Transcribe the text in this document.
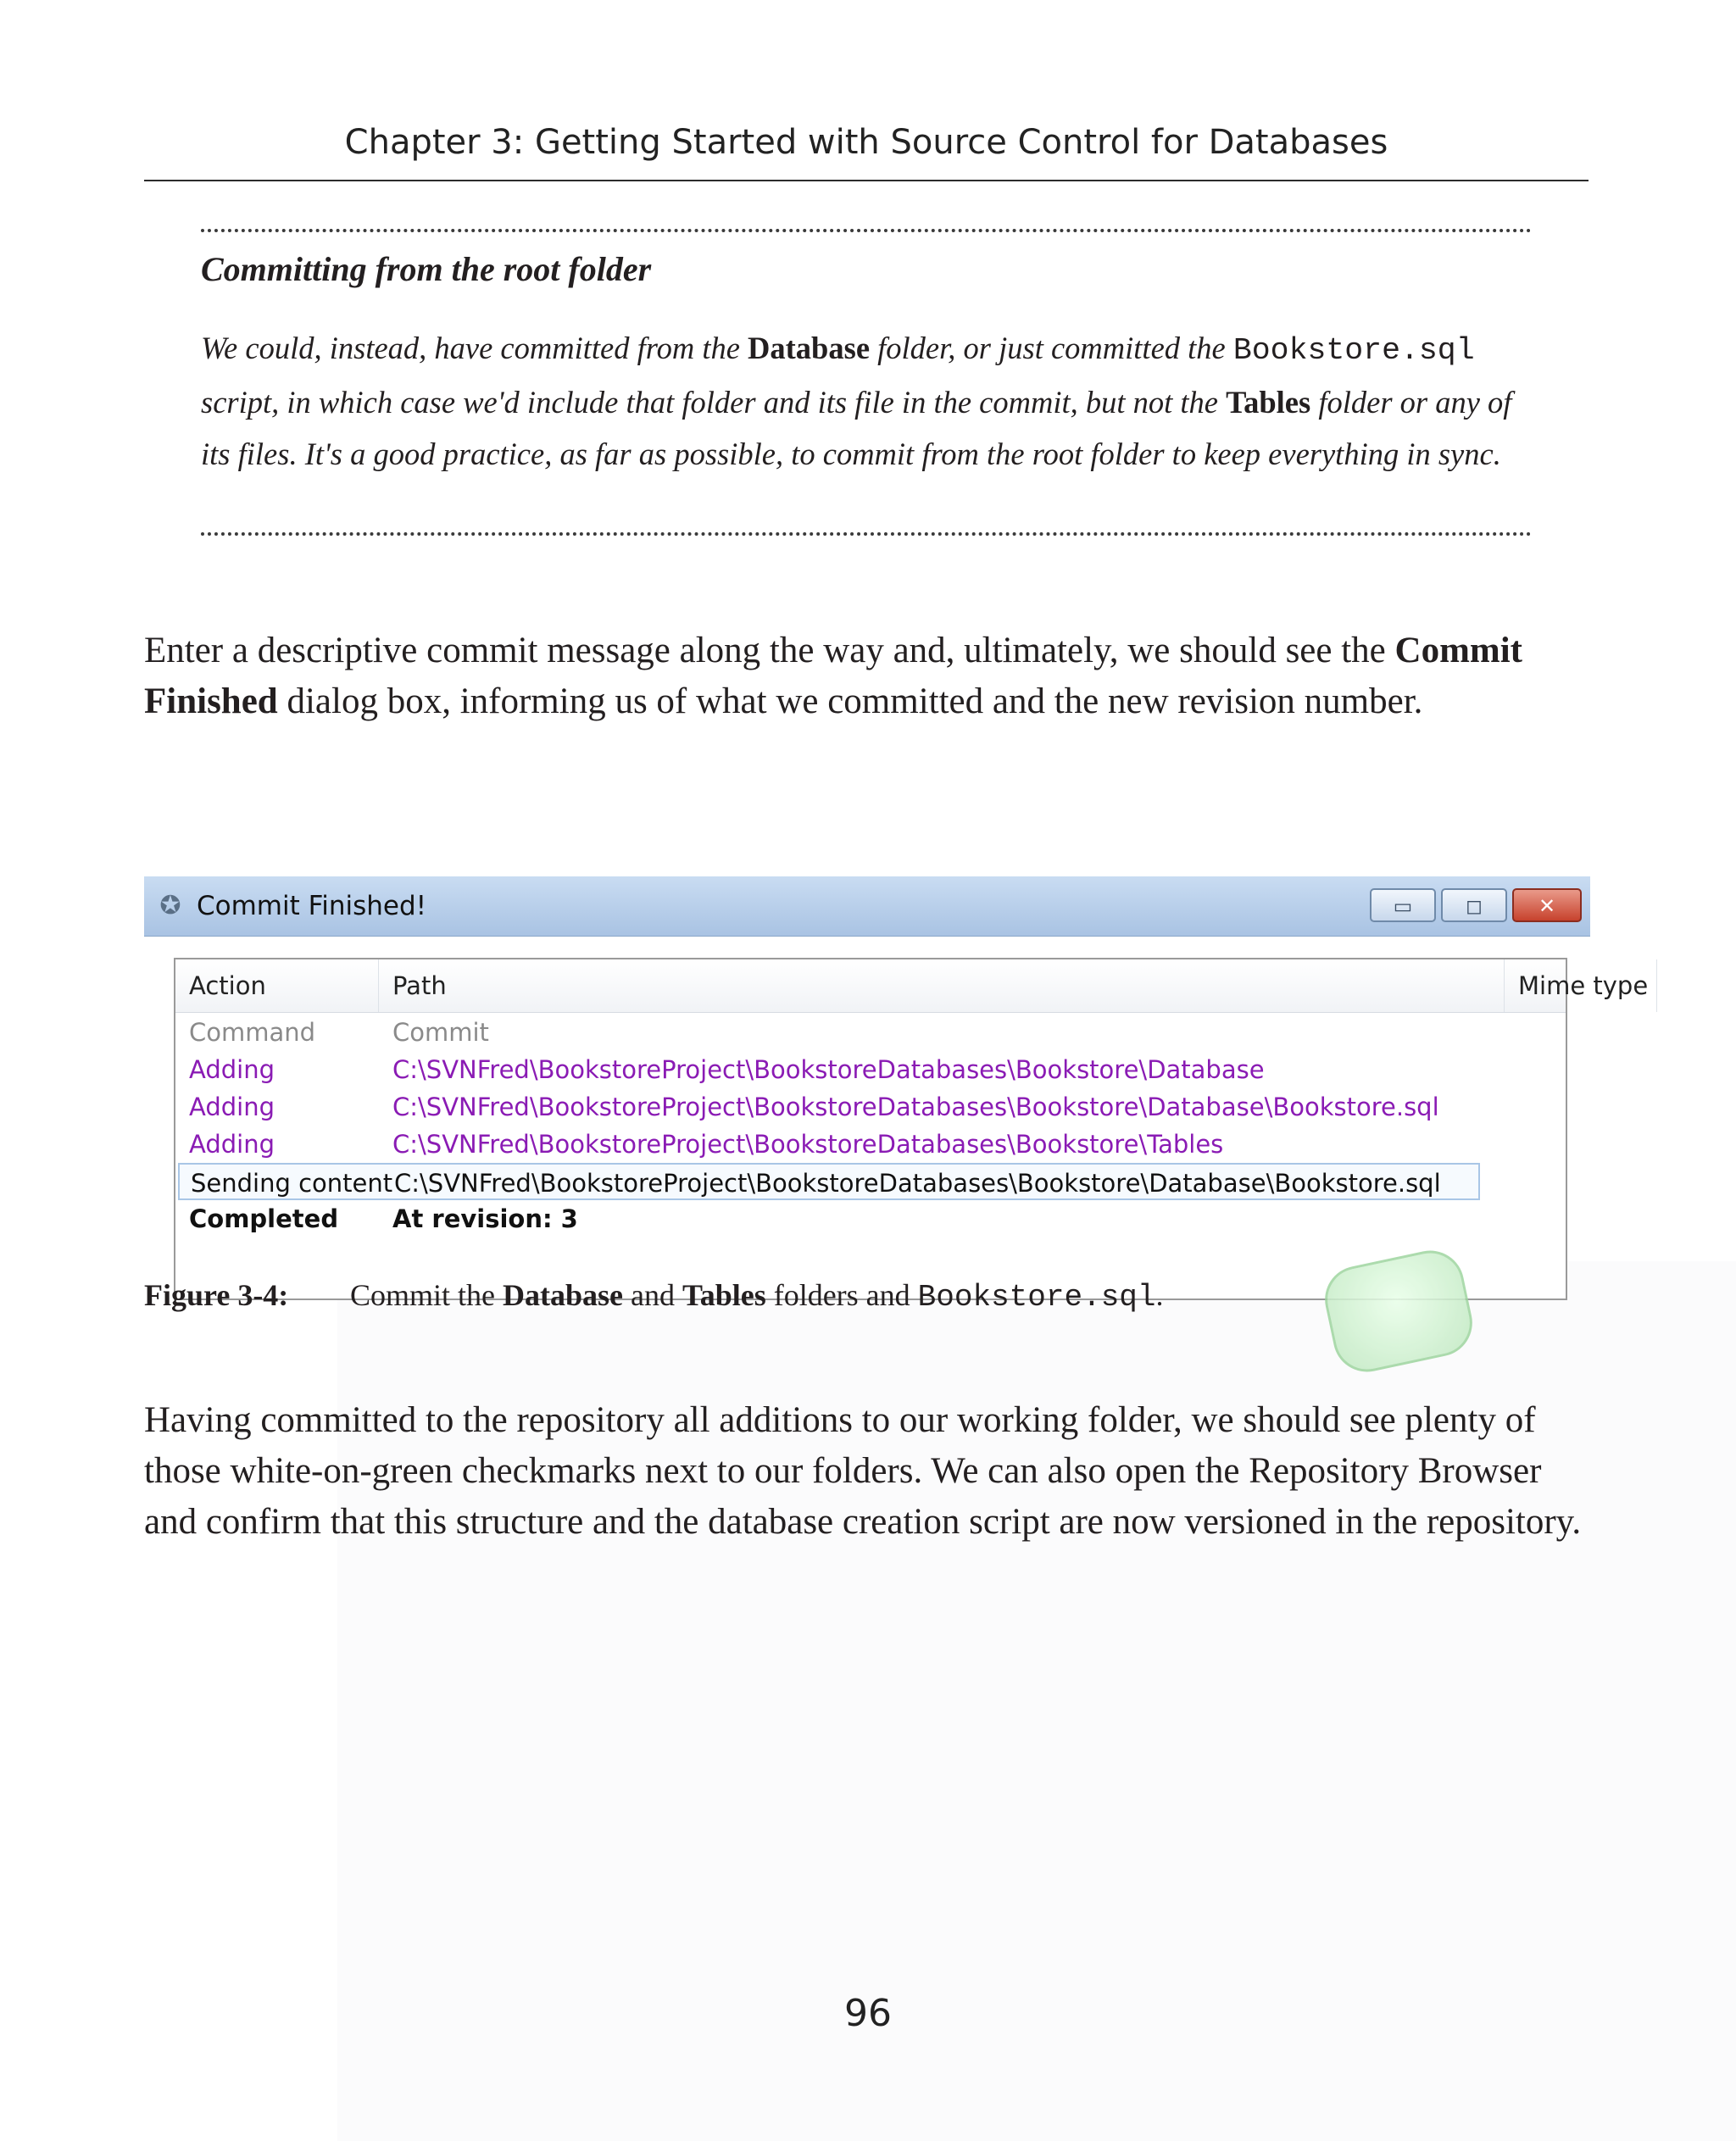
Chapter 3: Getting Started with Source Control for Databases
Committing from the root folder
We could, instead, have committed from the Database folder, or just committed the Bookstore.sql script, in which case we'd include that folder and its file in the commit, but not the Tables folder or any of its files. It's a good practice, as far as possible, to commit from the root folder to keep everything in sync.

Enter a descriptive commit message along the way and, ultimately, we should see the Commit Finished dialog box, informing us of what we committed and the new revision number.

✪ Commit Finished!	▭	◻	✕
Action	Path	Mime type
Command	Commit
Adding	C:\SVNFred\BookstoreProject\BookstoreDatabases\Bookstore\Database
Adding	C:\SVNFred\BookstoreProject\BookstoreDatabases\Bookstore\Database\Bookstore.sql
Adding	C:\SVNFred\BookstoreProject\BookstoreDatabases\Bookstore\Tables
Sending content C:\SVNFred\BookstoreProject\BookstoreDatabases\Bookstore\Database\Bookstore.sql
Completed At revision: 3
Figure 3-4: Commit the Database and Tables folders and Bookstore.sql.

Having committed to the repository all additions to our working folder, we should see plenty of those white-on-green checkmarks next to our folders. We can also open the Repository Browser and confirm that this structure and the database creation script are now versioned in the repository.

96
